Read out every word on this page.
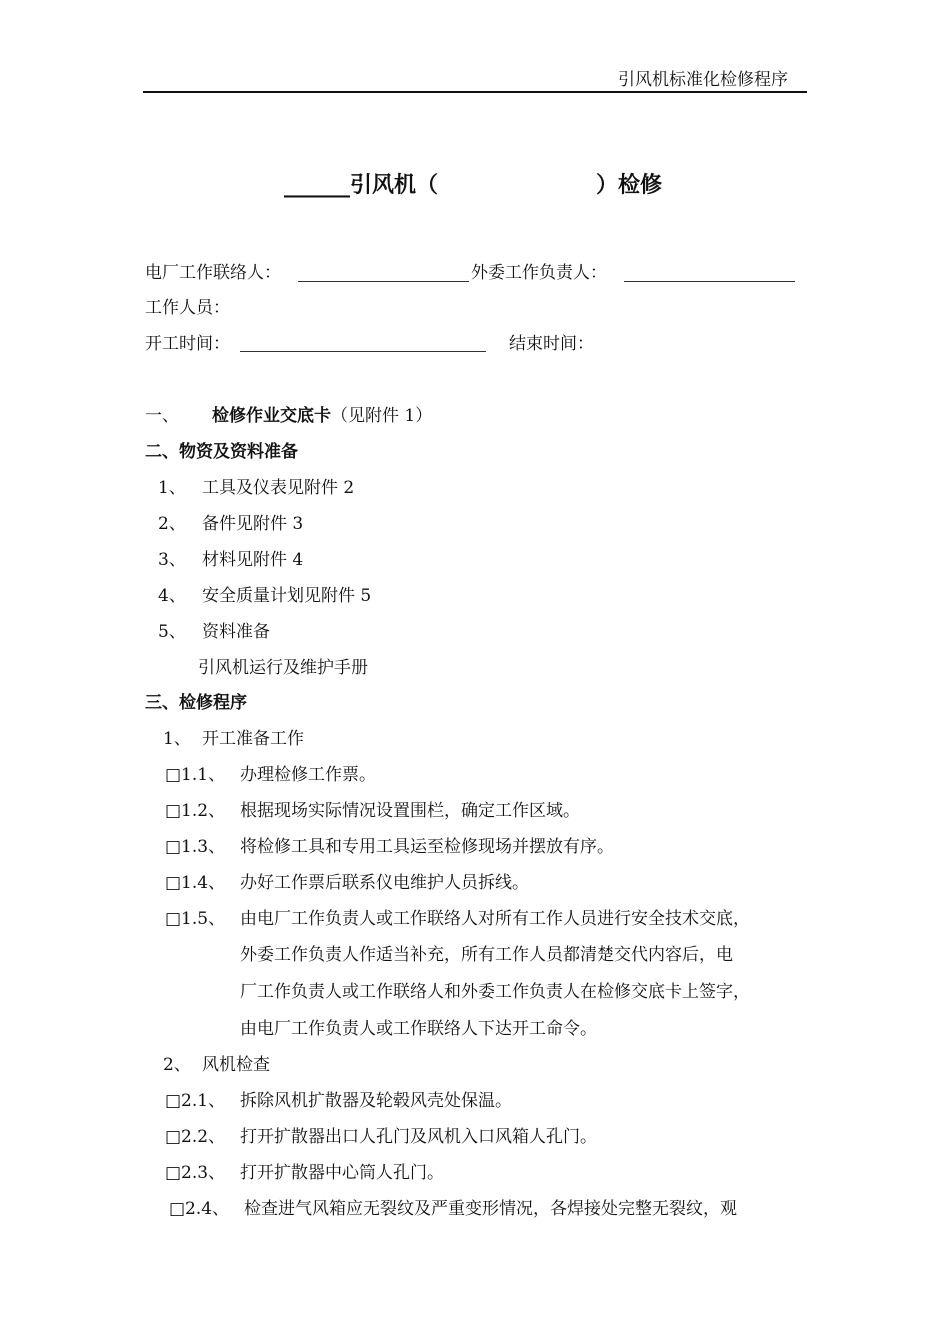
引风机标准化检修程序
______引风机（	）检修
电厂工作联络人：	外委工作负责人：
工作人员：
开工时间：	结束时间：
一、 检修作业交底卡（见附件 1）
二、物资及资料准备
1、 工具及仪表见附件 2
2、 备件见附件 3
3、 材料见附件 4
4、 安全质量计划见附件 5
5、 资料准备
引风机运行及维护手册
三、检修程序
1、 开工准备工作
□1.1、 办理检修工作票。
□1.2、 根据现场实际情况设置围栏，确定工作区域。
□1.3、 将检修工具和专用工具运至检修现场并摆放有序。
□1.4、 办好工作票后联系仪电维护人员拆线。
□1.5、 由电厂工作负责人或工作联络人对所有工作人员进行安全技术交底，
外委工作负责人作适当补充，所有工作人员都清楚交代内容后，电
厂工作负责人或工作联络人和外委工作负责人在检修交底卡上签字，
由电厂工作负责人或工作联络人下达开工命令。
2、 风机检查
□2.1、 拆除风机扩散器及轮毂风壳处保温。
□2.2、 打开扩散器出口人孔门及风机入口风箱人孔门。
□2.3、 打开扩散器中心筒人孔门。
□2.4、 检查进气风箱应无裂纹及严重变形情况，各焊接处完整无裂纹，观
